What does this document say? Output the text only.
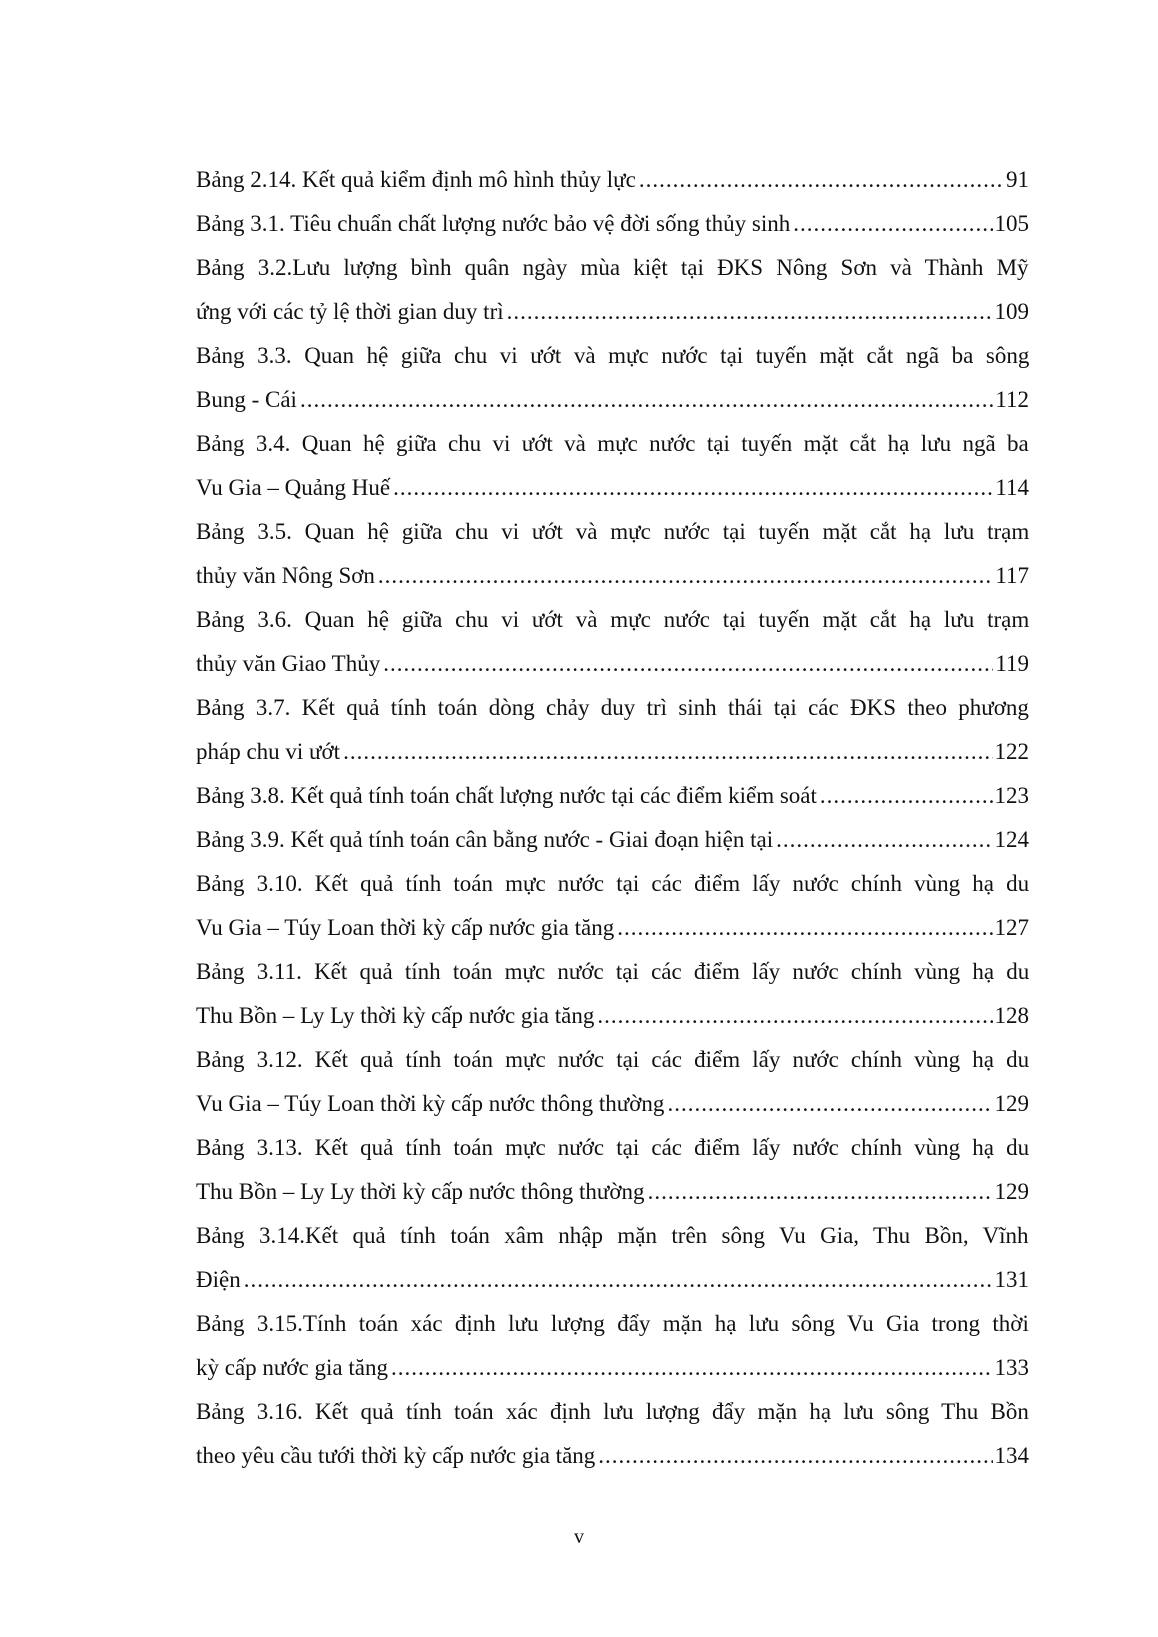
Bảng 2.14. Kết quả kiểm định mô hình thủy lực .....	91
Bảng 3.1. Tiêu chuẩn chất lượng nước bảo vệ đời sống thủy sinh .....	105
Bảng 3.2.Lưu lượng bình quân ngày mùa kiệt tại ĐKS Nông Sơn và Thành Mỹ
ứng với các tỷ lệ thời gian duy trì .....	109
Bảng 3.3. Quan hệ giữa chu vi ướt và mực nước tại tuyến mặt cắt ngã ba sông
Bung - Cái .....	112
Bảng 3.4. Quan hệ giữa chu vi ướt và mực nước tại tuyến mặt cắt hạ lưu ngã ba
Vu Gia – Quảng Huế .....	114
Bảng 3.5. Quan hệ giữa chu vi ướt và mực nước tại tuyến mặt cắt hạ lưu trạm
thủy văn Nông Sơn .....	117
Bảng 3.6. Quan hệ giữa chu vi ướt và mực nước tại tuyến mặt cắt hạ lưu trạm
thủy văn Giao Thủy .....	119
Bảng 3.7. Kết quả tính toán dòng chảy duy trì sinh thái tại các ĐKS theo phương
pháp chu vi ướt .....	122
Bảng 3.8. Kết quả tính toán chất lượng nước tại các điểm kiểm soát .....	123
Bảng 3.9. Kết quả tính toán cân bằng nước - Giai đoạn hiện tại .....	124
Bảng 3.10. Kết quả tính toán mực nước tại các điểm lấy nước chính vùng hạ du
Vu Gia – Túy Loan thời kỳ cấp nước gia tăng .....	127
Bảng 3.11. Kết quả tính toán mực nước tại các điểm lấy nước chính vùng hạ du
Thu Bồn – Ly Ly thời kỳ cấp nước gia tăng .....	128
Bảng 3.12. Kết quả tính toán mực nước tại các điểm lấy nước chính vùng hạ du
Vu Gia – Túy Loan thời kỳ cấp nước thông thường .....	129
Bảng 3.13. Kết quả tính toán mực nước tại các điểm lấy nước chính vùng hạ du
Thu Bồn – Ly Ly thời kỳ cấp nước thông thường .....	129
Bảng 3.14.Kết quả tính toán xâm nhập mặn trên sông Vu Gia, Thu Bồn, Vĩnh
Điện .....	131
Bảng 3.15.Tính toán xác định lưu lượng đẩy mặn hạ lưu sông Vu Gia trong thời
kỳ cấp nước gia tăng .....	133
Bảng 3.16. Kết quả tính toán xác định lưu lượng đẩy mặn hạ lưu sông Thu Bồn
theo yêu cầu tưới thời kỳ cấp nước gia tăng .....	134
v
